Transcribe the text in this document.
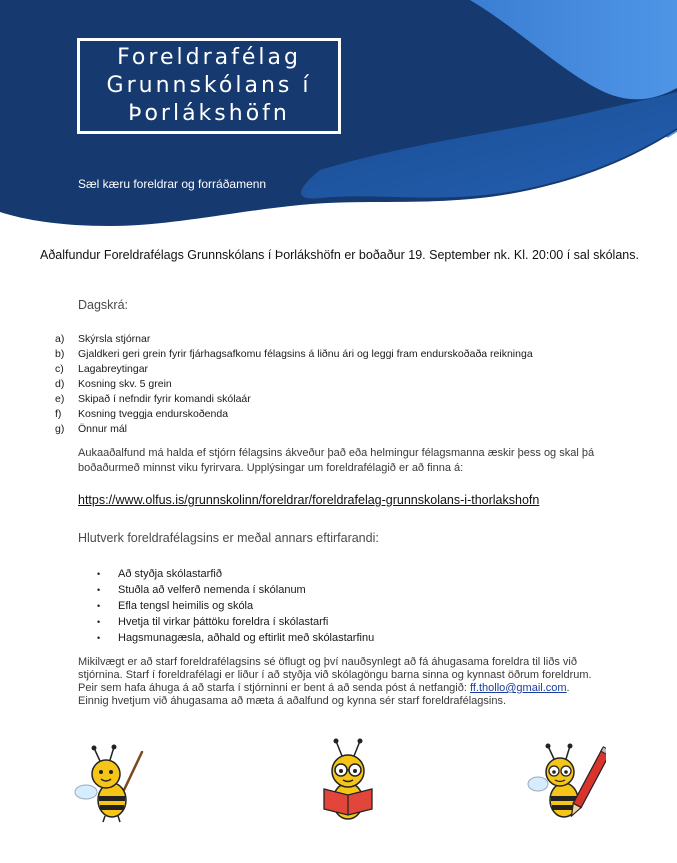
Foreldrafélag
Grunnskólans í
Þorlákshöfn
Sæl kæru foreldrar og forráðamenn
Aðalfundur Foreldrafélags Grunnskólans í Þorlákshöfn er boðaður 19. September nk. Kl. 20:00 í sal skólans.
Dagskrá:
a) Skýrsla stjórnar
b) Gjaldkeri geri grein fyrir fjárhagsafkomu félagsins á liðnu ári og leggi fram endurskoðaða reikninga
c) Lagabreytingar
d) Kosning skv. 5 grein
e) Skipað í nefndir fyrir komandi skólaár
f) Kosning tveggja endurskoðenda
g) Önnur mál
Aukaaðalfund má halda ef stjórn félagsins ákveður það eða helmingur félagsmanna æskir þess og skal þá boðaðurmeð minnst viku fyrirvara. Upplýsingar um foreldrafélagið er að finna á:
https://www.olfus.is/grunnskolinn/foreldrar/foreldrafelag-grunnskolans-i-thorlakshofn
Hlutverk foreldrafélagsins er meðal annars eftirfarandi:
• Að styðja skólastarfið
• Stuðla að velferð nemenda í skólanum
• Efla tengsl heimilis og skóla
• Hvetja til virkar þáttöku foreldra í skólastarfi
• Hagsmunagæsla, aðhald og eftirlit með skólastarfinu
Mikilvægt er að starf foreldrafélagsins sé öflugt og því nauðsynlegt að fá áhugasama foreldra til liðs við stjórnina. Starf í foreldrafélagi er liður í að styðja við skólagöngu barna sinna og kynnast öðrum foreldrum. Peir sem hafa áhuga á að starfa í stjórninni er bent á að senda póst á netfangið: ff.thollo@gmail.com. Einnig hvetjum við áhugasama að mæta á aðalfund og kynna sér starf foreldrafélagsins.
